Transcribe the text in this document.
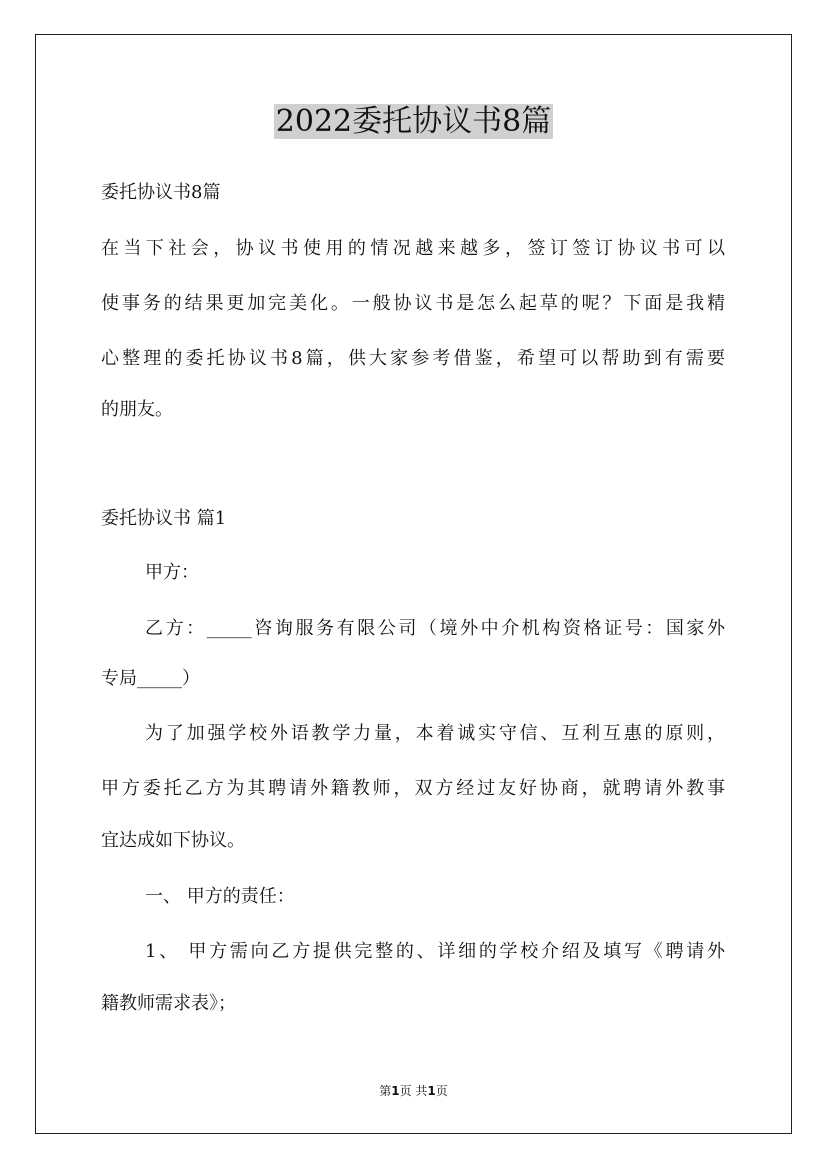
2022委托协议书8篇
委托协议书8篇
在当下社会，协议书使用的情况越来越多，签订签订协议书可以
使事务的结果更加完美化。一般协议书是怎么起草的呢？下面是我精
心整理的委托协议书8篇，供大家参考借鉴，希望可以帮助到有需要
的朋友。
委托协议书 篇1
甲方：
乙方：_____咨询服务有限公司（境外中介机构资格证号：国家外
专局_____）
为了加强学校外语教学力量，本着诚实守信、互利互惠的原则，
甲方委托乙方为其聘请外籍教师，双方经过友好协商，就聘请外教事
宜达成如下协议。
一、 甲方的责任：
1、 甲方需向乙方提供完整的、详细的学校介绍及填写《聘请外
籍教师需求表》；
第1页 共1页
